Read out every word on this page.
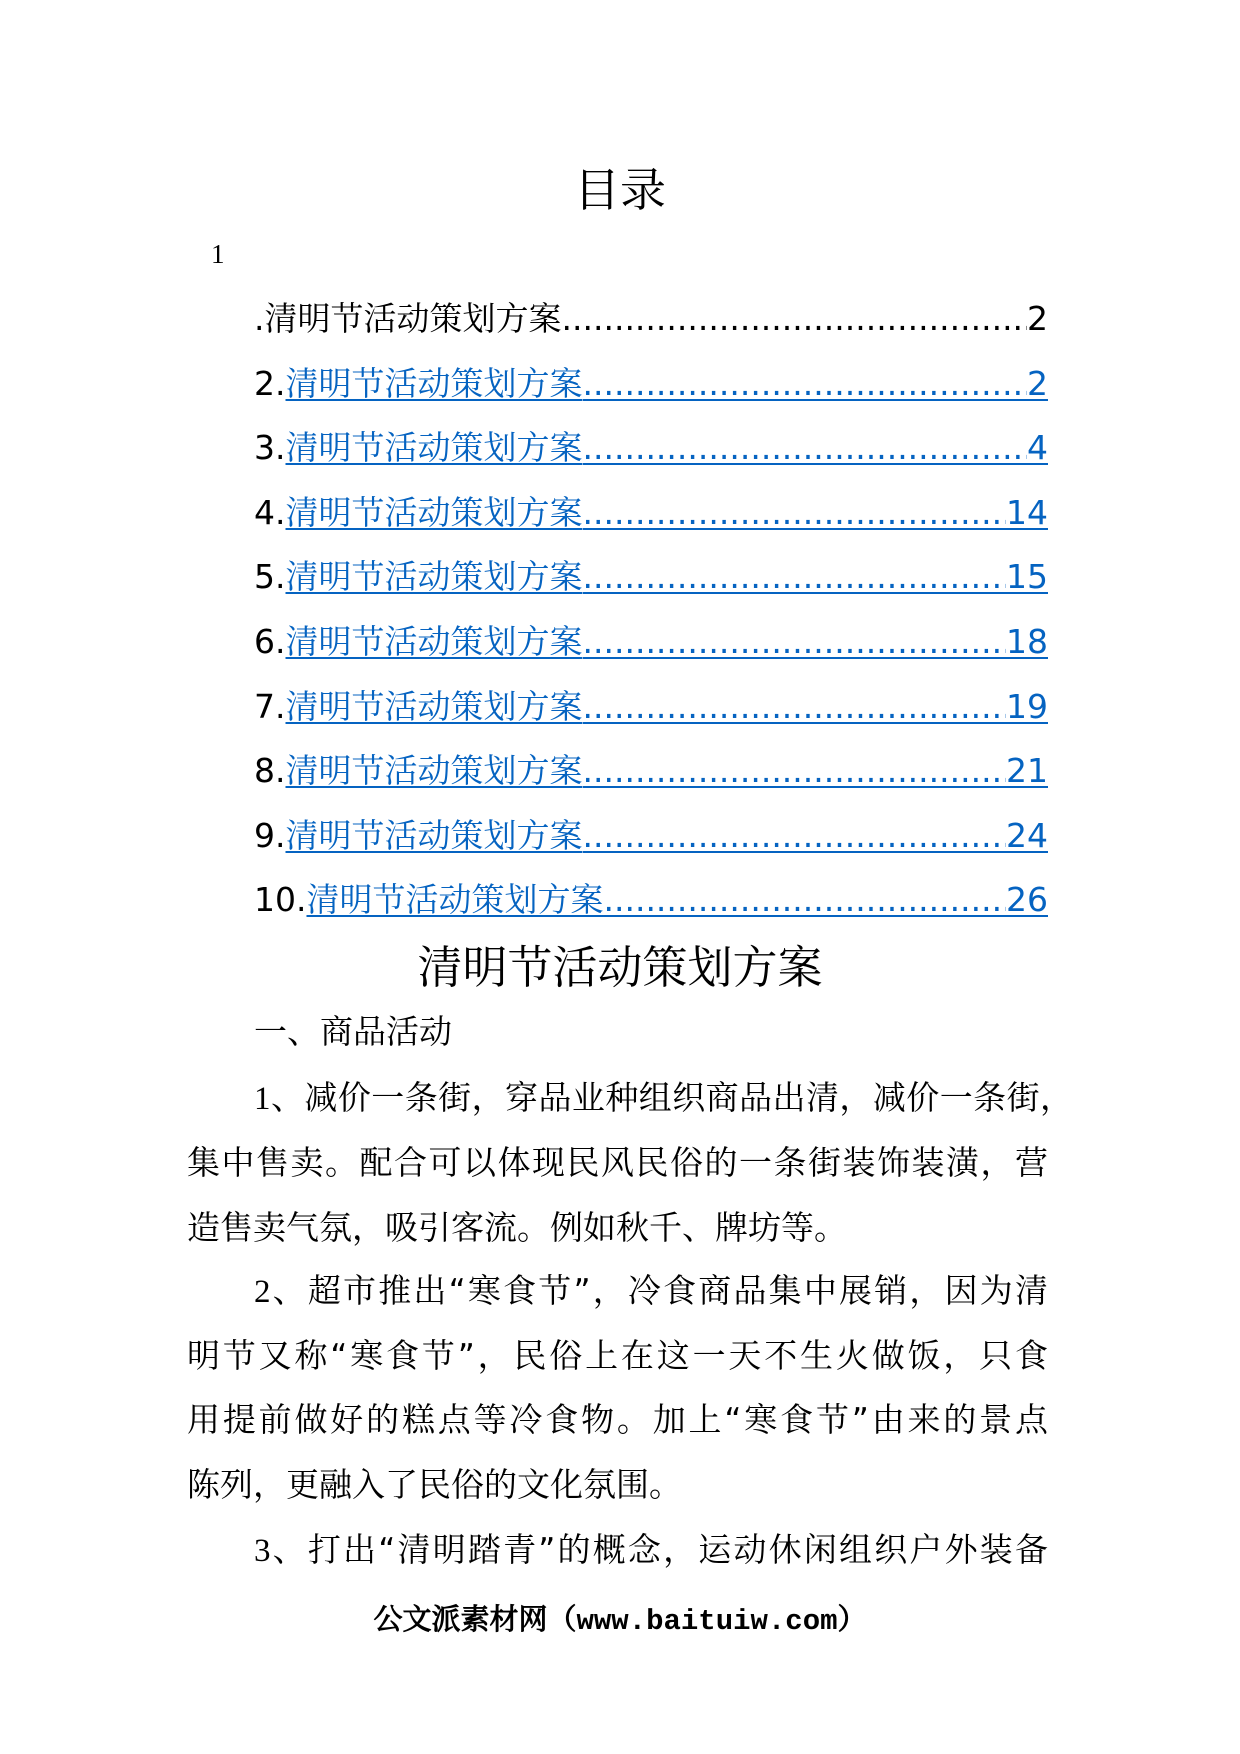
目录
1
. 清明节活动策划方案 .....	2
2. 清明节活动策划方案 .....	2
3. 清明节活动策划方案 .....	4
4. 清明节活动策划方案 .....	14
5. 清明节活动策划方案 .....	15
6. 清明节活动策划方案 .....	18
7. 清明节活动策划方案 .....	19
8. 清明节活动策划方案 .....	21
9. 清明节活动策划方案 .....	24
10. 清明节活动策划方案 .....	26
清明节活动策划方案
一、商品活动
1、减价一条街，穿品业种组织商品出清，减价一条街，
集中售卖。配合可以体现民风民俗的一条街装饰装潢，营
造售卖气氛，吸引客流。例如秋千、牌坊等。
2、超市推出“寒食节”，冷食商品集中展销，因为清
明节又称“寒食节”，民俗上在这一天不生火做饭，只食
用提前做好的糕点等冷食物。加上“寒食节”由来的景点
陈列，更融入了民俗的文化氛围。
3、打出“清明踏青”的概念，运动休闲组织户外装备
公文派素材网（www.baituiw.com）
